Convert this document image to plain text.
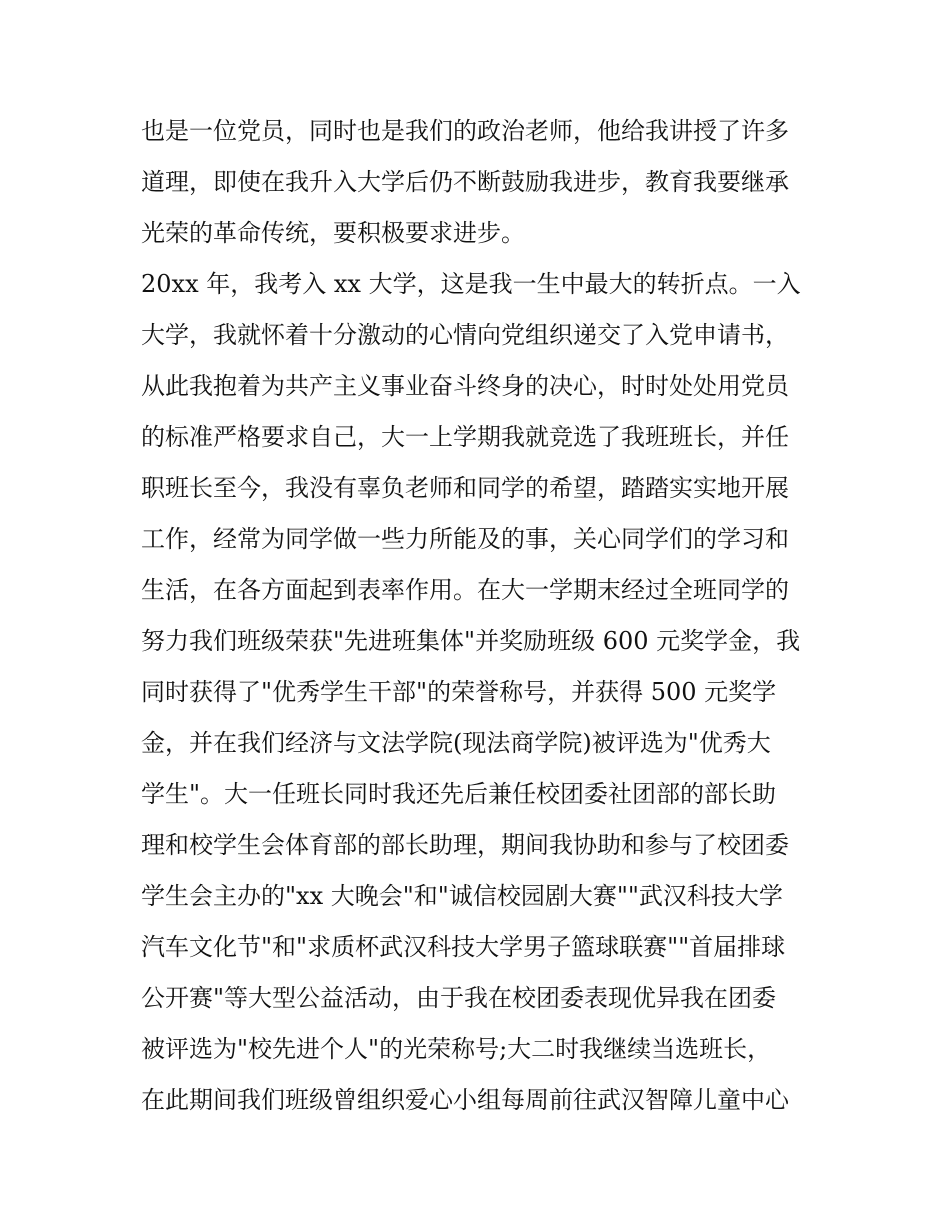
也是一位党员，同时也是我们的政治老师，他给我讲授了许多
道理，即使在我升入大学后仍不断鼓励我进步，教育我要继承
光荣的革命传统，要积极要求进步。
20xx 年，我考入 xx 大学，这是我一生中最大的转折点。一入
大学，我就怀着十分激动的心情向党组织递交了入党申请书，
从此我抱着为共产主义事业奋斗终身的决心，时时处处用党员
的标准严格要求自己，大一上学期我就竞选了我班班长，并任
职班长至今，我没有辜负老师和同学的希望，踏踏实实地开展
工作，经常为同学做一些力所能及的事，关心同学们的学习和
生活，在各方面起到表率作用。在大一学期末经过全班同学的
努力我们班级荣获"先进班集体"并奖励班级 600 元奖学金，我
同时获得了"优秀学生干部"的荣誉称号，并获得 500 元奖学
金，并在我们经济与文法学院(现法商学院)被评选为"优秀大
学生"。大一任班长同时我还先后兼任校团委社团部的部长助
理和校学生会体育部的部长助理，期间我协助和参与了校团委
学生会主办的"xx 大晚会"和"诚信校园剧大赛""武汉科技大学
汽车文化节"和"求质杯武汉科技大学男子篮球联赛""首届排球
公开赛"等大型公益活动，由于我在校团委表现优异我在团委
被评选为"校先进个人"的光荣称号;大二时我继续当选班长，
在此期间我们班级曾组织爱心小组每周前往武汉智障儿童中心
